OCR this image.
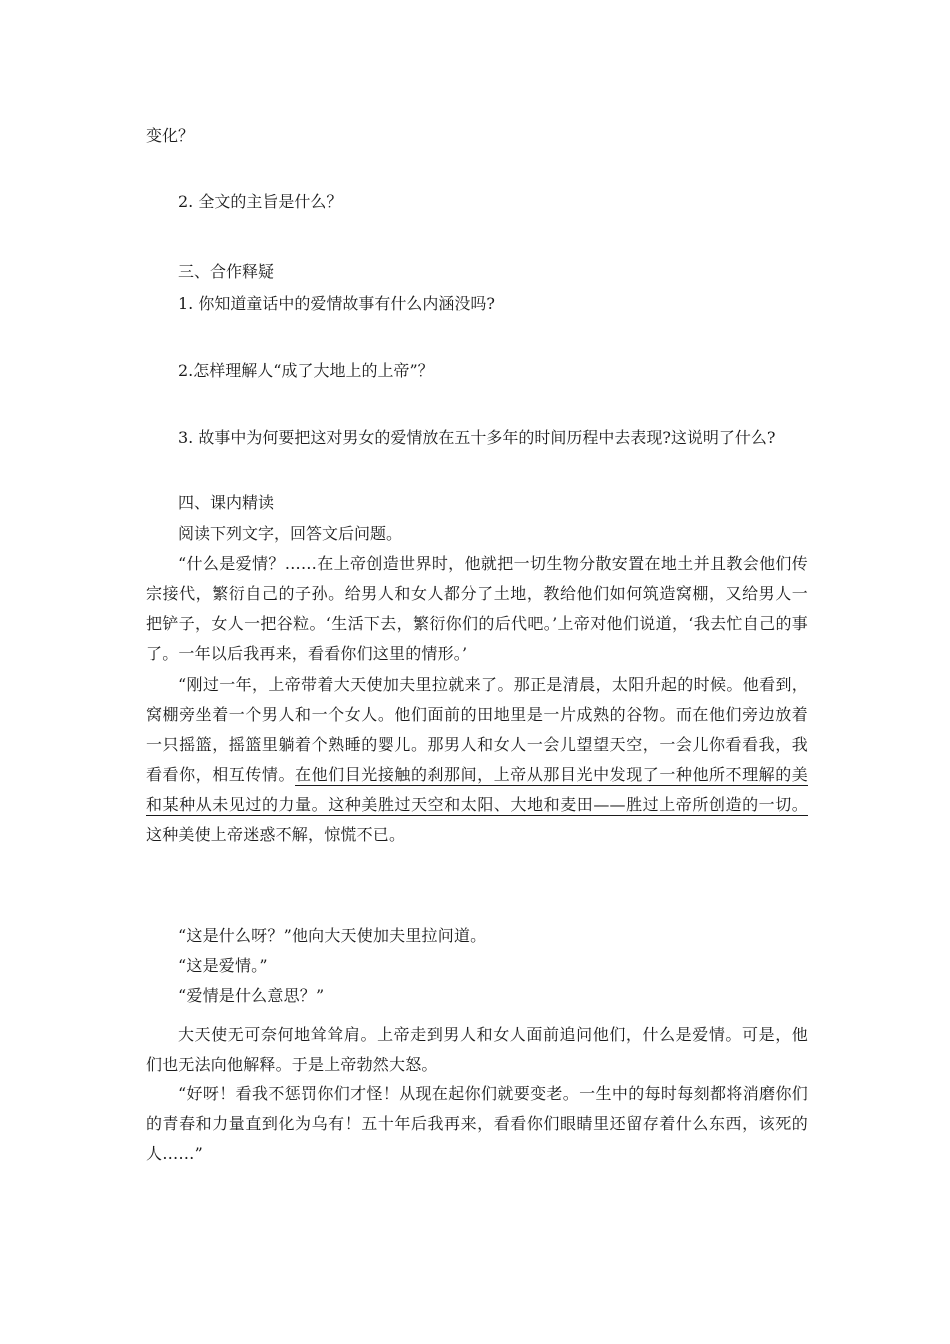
变化？
2. 全文的主旨是什么？
三、合作释疑
1. 你知道童话中的爱情故事有什么内涵没吗?
2.怎样理解人“成了大地上的上帝”？
3. 故事中为何要把这对男女的爱情放在五十多年的时间历程中去表现?这说明了什么?
四、课内精读
阅读下列文字，回答文后问题。

“什么是爱情？……在上帝创造世界时，他就把一切生物分散安置在地土并且教会他们传宗接代，繁衍自己的子孙。给男人和女人都分了土地，教给他们如何筑造窝棚，又给男人一把铲子，女人一把谷粒。‘生活下去，繁衍你们的后代吧。’上帝对他们说道，‘我去忙自己的事了。一年以后我再来，看看你们这里的情形。’

“刚过一年，上帝带着大天使加夫里拉就来了。那正是清晨，太阳升起的时候。他看到，窝棚旁坐着一个男人和一个女人。他们面前的田地里是一片成熟的谷物。而在他们旁边放着一只摇篮，摇篮里躺着个熟睡的婴儿。那男人和女人一会儿望望天空，一会儿你看看我，我看看你，相互传情。在他们目光接触的刹那间，上帝从那目光中发现了一种他所不理解的美和某种从未见过的力量。这种美胜过天空和太阳、大地和麦田——胜过上帝所创造的一切。这种美使上帝迷惑不解，惊慌不已。

“这是什么呀？”他向大天使加夫里拉问道。

“这是爱情。”

“爱情是什么意思？”

大天使无可奈何地耸耸肩。上帝走到男人和女人面前追问他们，什么是爱情。可是，他们也无法向他解释。于是上帝勃然大怒。

“好呀！看我不惩罚你们才怪！从现在起你们就要变老。一生中的每时每刻都将消磨你们的青春和力量直到化为乌有！五十年后我再来，看看你们眼睛里还留存着什么东西，该死的人……”
